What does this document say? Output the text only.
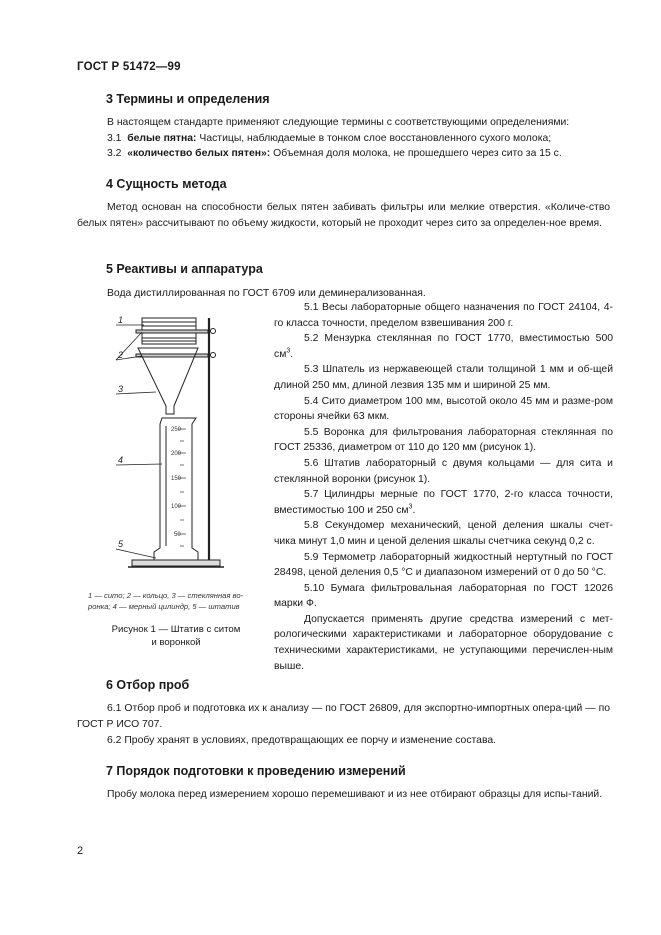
ГОСТ Р 51472—99
3 Термины и определения
В настоящем стандарте применяют следующие термины с соответствующими определениями:
3.1 белые пятна: Частицы, наблюдаемые в тонком слое восстановленного сухого молока;
3.2 «количество белых пятен»: Объемная доля молока, не прошедшего через сито за 15 с.
4 Сущность метода

Метод основан на способности белых пятен забивать фильтры или мелкие отверстия. «Количе-ство белых пятен» рассчитывают по объему жидкости, который не проходит через сито за определен-ное время.

5 Реактивы и аппаратура
Вода дистиллированная по ГОСТ 6709 или деминерализованная.
250
200
150
100
50
1
2
3
4
5
1 — сито; 2 — кольцо, 3 — стеклянная во-
ронка; 4 — мерный цилиндр, 5 — штатив
Рисунок 1 — Штатив с ситом
и воронкой

5.1 Весы лабораторные общего назначения по ГОСТ 24104, 4-го класса точности, пределом взвешивания 200 г.

5.2 Мензурка стеклянная по ГОСТ 1770, вместимостью 500 $см^3$.

5.3 Шпатель из нержавеющей стали толщиной 1 мм и об-щей длиной 250 мм, длиной лезвия 135 мм и шириной 25 мм.

5.4 Сито диаметром 100 мм, высотой около 45 мм и разме-ром стороны ячейки 63 мкм.

5.5 Воронка для фильтрования лабораторная стеклянная по ГОСТ 25336, диаметром от 110 до 120 мм (рисунок 1).

5.6 Штатив лабораторный с двумя кольцами — для сита и стеклянной воронки (рисунок 1).

5.7 Цилиндры мерные по ГОСТ 1770, 2-го класса точности, вместимостью 100 и 250 $см^3$.

5.8 Секундомер механический, ценой деления шкалы счет-чика минут 1,0 мин и ценой деления шкалы счетчика секунд 0,2 с.

5.9 Термометр лабораторный жидкостный нертутный по ГОСТ 28498, ценой деления 0,5 °С и диапазоном измерений от 0 до 50 °С.

5.10 Бумага фильтровальная лабораторная по ГОСТ 12026 марки Ф.

Допускается применять другие средства измерений с мет-рологическими характеристиками и лабораторное оборудование с техническими характеристиками, не уступающими перечислен-ным выше.

6 Отбор проб

6.1 Отбор проб и подготовка их к анализу — по ГОСТ 26809, для экспортно-импортных опера-ций — по ГОСТ Р ИСО 707.

6.2 Пробу хранят в условиях, предотвращающих ее порчу и изменение состава.

7 Порядок подготовки к проведению измерений

Пробу молока перед измерением хорошо перемешивают и из нее отбирают образцы для испы-таний.

2
